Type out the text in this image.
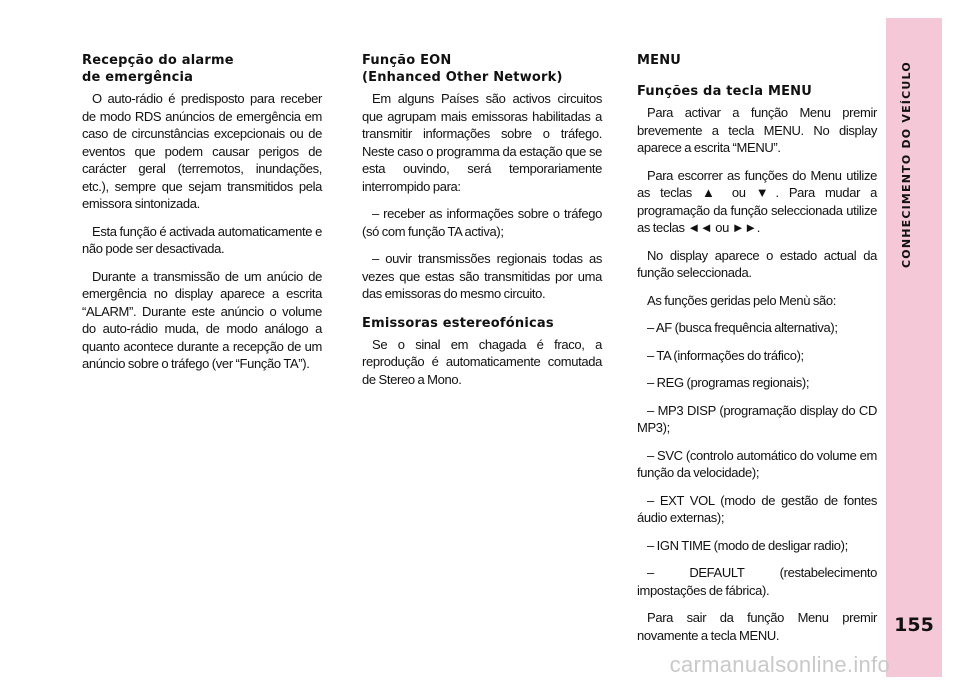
CONHECIMENTO DO VEÍCULO
155
Recepção do alarme
de emergência

O auto-rádio é predisposto para receber de modo RDS anúncios de emergência em caso de circunstâncias excepcionais ou de eventos que podem causar perigos de carácter geral (terremotos, inundações, etc.), sempre que sejam transmitidos pela emissora sintonizada.

Esta função é activada automaticamente e não pode ser desactivada.

Durante a transmissão de um anúcio de emergência no display aparece a escrita “ALARM”. Durante este anúncio o volume do auto-rádio muda, de modo análogo a quanto acontece durante a recepção de um anúncio sobre o tráfego (ver “Função TA”).

Função EON
(Enhanced Other Network)

Em alguns Países são activos circuitos que agrupam mais emissoras habilitadas a transmitir informações sobre o tráfego. Neste caso o programma da estação que se esta ouvindo, será temporariamente interrompido para:

– receber as informações sobre o tráfego (só com função TA activa);

– ouvir transmissões regionais todas as vezes que estas são transmitidas por uma das emissoras do mesmo circuito.

Emissoras estereofónicas

Se o sinal em chagada é fraco, a reprodução é automaticamente comutada de Stereo a Mono.

MENU
Funções da tecla MENU

Para activar a função Menu premir brevemente a tecla MENU. No display aparece a escrita “MENU”.

Para escorrer as funções do Menu utilize as teclas ▲ ou ▼. Para mudar a programação da função seleccionada utilize as teclas ◄◄ ou ►►.

No display aparece o estado actual da função seleccionada.

As funções geridas pelo Menù são:

– AF (busca frequência alternativa);

– TA (informações do tráfico);

– REG (programas regionais);

– MP3 DISP (programação display do CD MP3);

– SVC (controlo automático do volume em função da velocidade);

– EXT VOL (modo de gestão de fontes áudio externas);

– IGN TIME (modo de desligar radio);

– DEFAULT (restabelecimento impostações de fábrica).

Para sair da função Menu premir novamente a tecla MENU.

carmanualsonline.info
